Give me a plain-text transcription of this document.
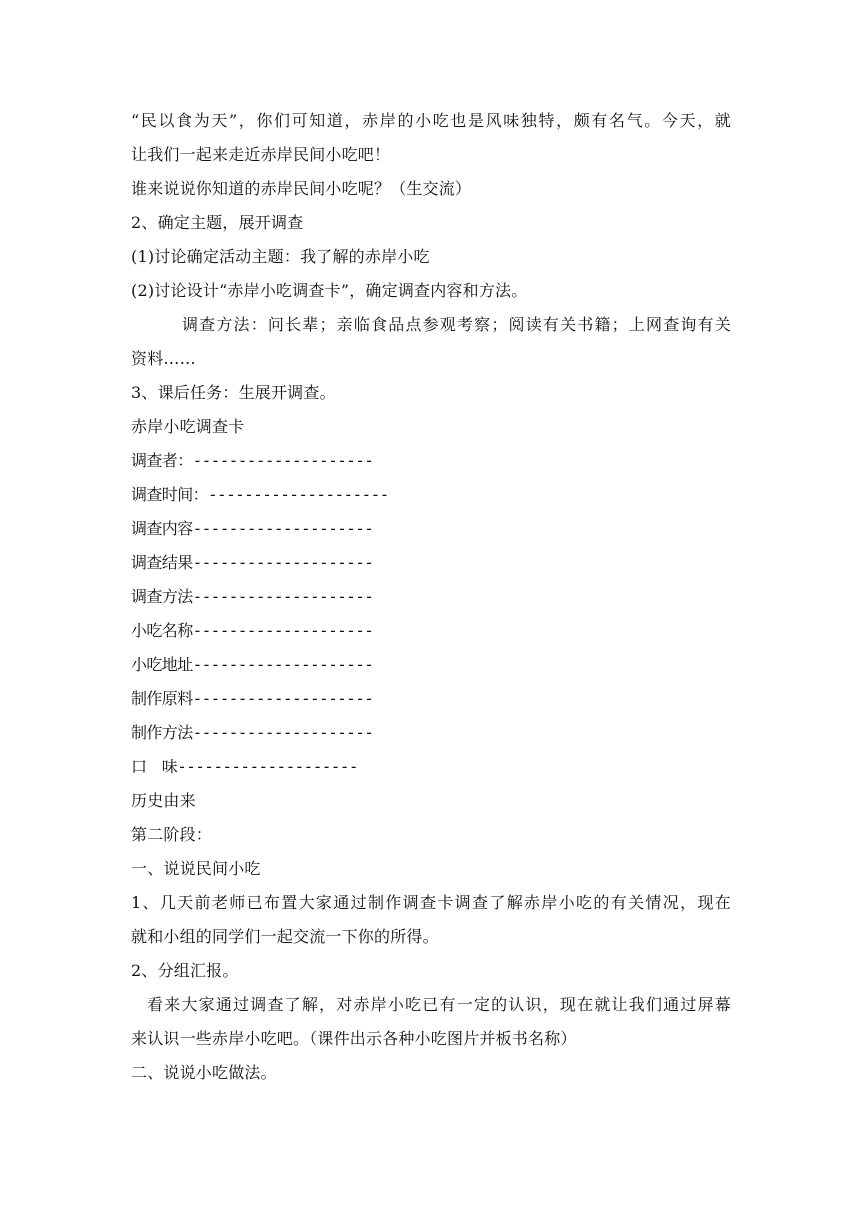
“民以食为天”，你们可知道，赤岸的小吃也是风味独特，颇有名气。今天，就
让我们一起来走近赤岸民间小吃吧！
谁来说说你知道的赤岸民间小吃呢？（生交流）
2、确定主题，展开调查
(1)讨论确定活动主题：我了解的赤岸小吃
(2)讨论设计“赤岸小吃调查卡”，确定调查内容和方法。
调查方法：问长辈；亲临食品点参观考察；阅读有关书籍；上网查询有关
资料……
3、课后任务：生展开调查。
赤岸小吃调查卡
调查者：--------------------
调查时间：--------------------
调查内容--------------------
调查结果--------------------
调查方法--------------------
小吃名称--------------------
小吃地址--------------------
制作原料--------------------
制作方法--------------------
口　味--------------------
历史由来
第二阶段：
一、说说民间小吃
1、几天前老师已布置大家通过制作调查卡调查了解赤岸小吃的有关情况，现在
就和小组的同学们一起交流一下你的所得。
2、分组汇报。
看来大家通过调查了解，对赤岸小吃已有一定的认识，现在就让我们通过屏幕
来认识一些赤岸小吃吧。（课件出示各种小吃图片并板书名称）
二、说说小吃做法。
